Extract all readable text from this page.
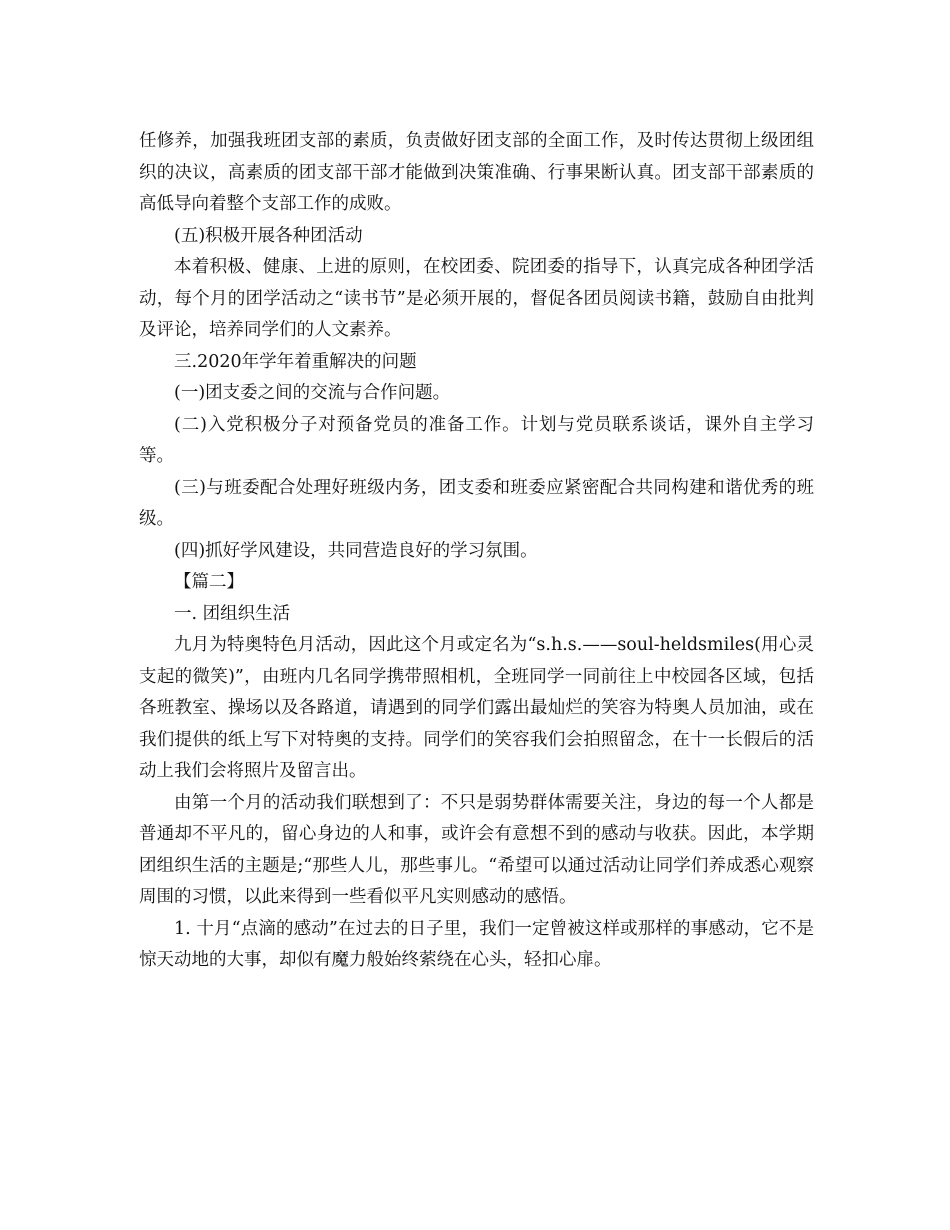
任修养，加强我班团支部的素质，负责做好团支部的全面工作，及时传达贯彻上级团组织的决议，高素质的团支部干部才能做到决策准确、行事果断认真。团支部干部素质的高低导向着整个支部工作的成败。

(五)积极开展各种团活动

本着积极、健康、上进的原则，在校团委、院团委的指导下，认真完成各种团学活动，每个月的团学活动之“读书节”是必须开展的，督促各团员阅读书籍，鼓励自由批判及评论，培养同学们的人文素养。

三.2020年学年着重解决的问题

(一)团支委之间的交流与合作问题。

(二)入党积极分子对预备党员的准备工作。计划与党员联系谈话，课外自主学习等。

(三)与班委配合处理好班级内务，团支委和班委应紧密配合共同构建和谐优秀的班级。

(四)抓好学风建设，共同营造良好的学习氛围。

【篇二】

一. 团组织生活

九月为特奥特色月活动，因此这个月或定名为“s.h.s.——soul-heldsmiles(用心灵支起的微笑)”，由班内几名同学携带照相机，全班同学一同前往上中校园各区域，包括各班教室、操场以及各路道，请遇到的同学们露出最灿烂的笑容为特奥人员加油，或在我们提供的纸上写下对特奥的支持。同学们的笑容我们会拍照留念，在十一长假后的活动上我们会将照片及留言出。

由第一个月的活动我们联想到了：不只是弱势群体需要关注，身边的每一个人都是普通却不平凡的，留心身边的人和事，或许会有意想不到的感动与收获。因此，本学期团组织生活的主题是;“那些人儿，那些事儿。“希望可以通过活动让同学们养成悉心观察周围的习惯，以此来得到一些看似平凡实则感动的感悟。

1. 十月“点滴的感动”在过去的日子里，我们一定曾被这样或那样的事感动，它不是惊天动地的大事，却似有魔力般始终萦绕在心头，轻扣心扉。
